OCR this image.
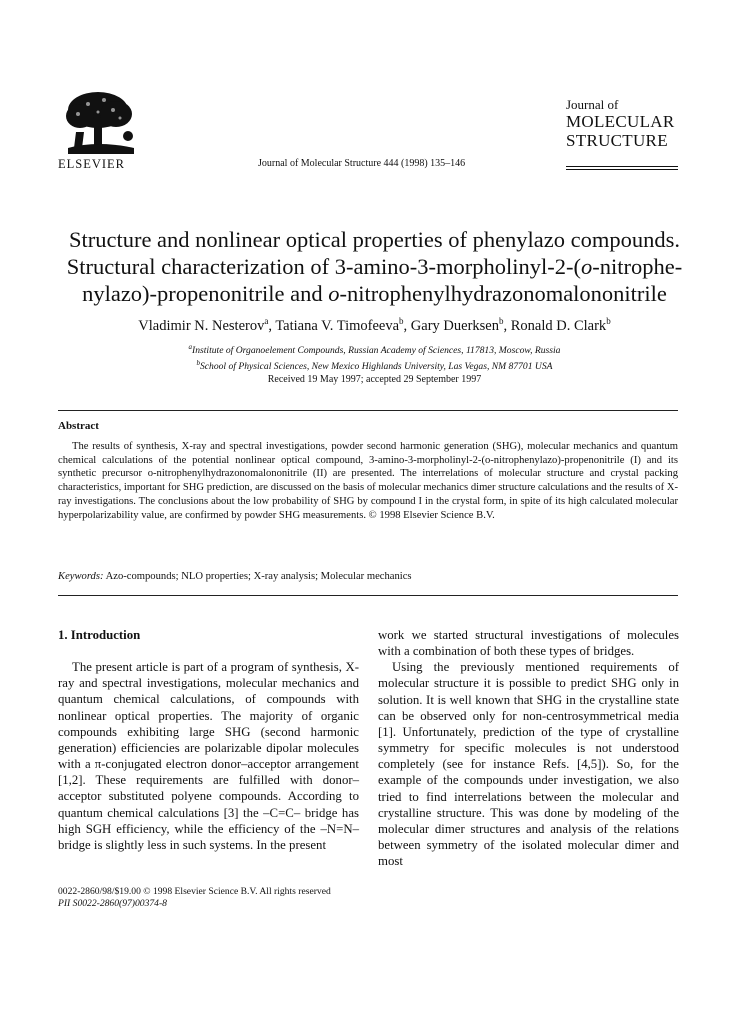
ELSEVIER	Journal of Molecular Structure 444 (1998) 135–146
Journal of
MOLECULAR
STRUCTURE
Structure and nonlinear optical properties of phenylazo compounds.
Structural characterization of 3-amino-3-morpholinyl-2-(o-nitrophe-
nylazo)-propenonitrile and o-nitrophenylhydrazonomalononitrile
Vladimir N. Nesterov$^a$, Tatiana V. Timofeeva$^b$, Gary Duerksen$^b$, Ronald D. Clark$^b$
$^a$Institute of Organoelement Compounds, Russian Academy of Sciences, 117813, Moscow, Russia
$^b$School of Physical Sciences, New Mexico Highlands University, Las Vegas, NM 87701 USA
Received 19 May 1997; accepted 29 September 1997
Abstract
The results of synthesis, X-ray and spectral investigations, powder second harmonic generation (SHG), molecular mechanics and quantum chemical calculations of the potential nonlinear optical compound, 3-amino-3-morpholinyl-2-(o-nitrophenylazo)-propenonitrile (I) and its synthetic precursor o-nitrophenylhydrazonomalononitrile (II) are presented. The interrelations of molecular structure and crystal packing characteristics, important for SHG prediction, are discussed on the basis of molecular mechanics dimer structure calculations and the results of X-ray investigations. The conclusions about the low probability of SHG by compound I in the crystal form, in spite of its high calculated molecular hyperpolarizability value, are confirmed by powder SHG measurements. © 1998 Elsevier Science B.V.
Keywords: Azo-compounds; NLO properties; X-ray analysis; Molecular mechanics

1. Introduction

The present article is part of a program of synthesis, X-ray and spectral investigations, molecular mechanics and quantum chemical calculations, of compounds with nonlinear optical properties. The majority of organic compounds exhibiting large SHG (second harmonic generation) efficiencies are polarizable dipolar molecules with a π-conjugated electron donor–acceptor arrangement [1,2]. These requirements are fulfilled with donor–acceptor substituted polyene compounds. According to quantum chemical calculations [3] the –C=C– bridge has high SGH efficiency, while the efficiency of the –N=N– bridge is slightly less in such systems. In the present

work we started structural investigations of molecules with a combination of both these types of bridges.

Using the previously mentioned requirements of molecular structure it is possible to predict SHG only in solution. It is well known that SHG in the crystalline state can be observed only for non-centrosymmetrical media [1]. Unfortunately, prediction of the type of crystalline symmetry for specific molecules is not understood completely (see for instance Refs. [4,5]). So, for the example of the compounds under investigation, we also tried to find interrelations between the molecular and crystalline structure. This was done by modeling of the molecular dimer structures and analysis of the relations between symmetry of the isolated molecular dimer and most

0022-2860/98/$19.00 © 1998 Elsevier Science B.V. All rights reserved
PII S0022-2860(97)00374-8
